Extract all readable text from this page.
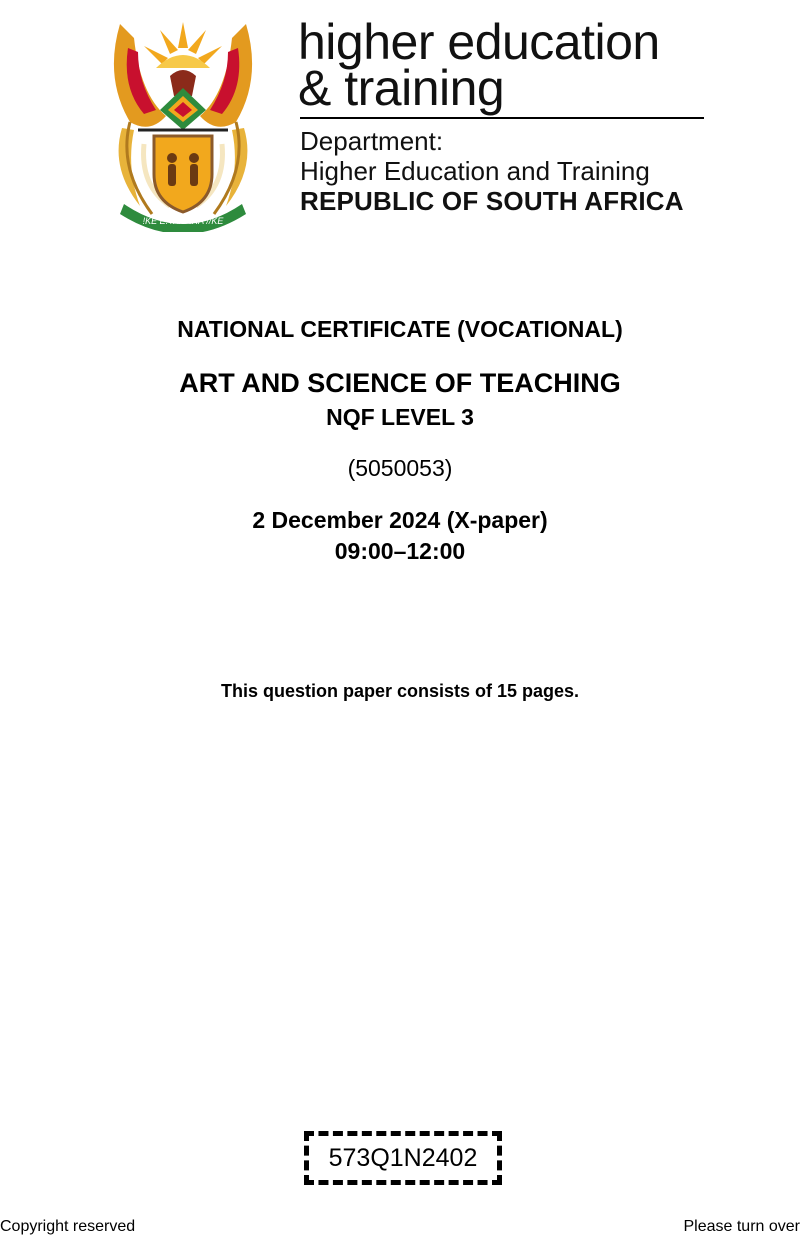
!KE E: /XARRA //KE
higher education
& training
Department:
Higher Education and Training
REPUBLIC OF SOUTH AFRICA
NATIONAL CERTIFICATE (VOCATIONAL)
ART AND SCIENCE OF TEACHING
NQF LEVEL 3
(5050053)
2 December 2024 (X-paper)
09:00–12:00
This question paper consists of 15 pages.
573Q1N2402
Copyright reserved	Please turn over
